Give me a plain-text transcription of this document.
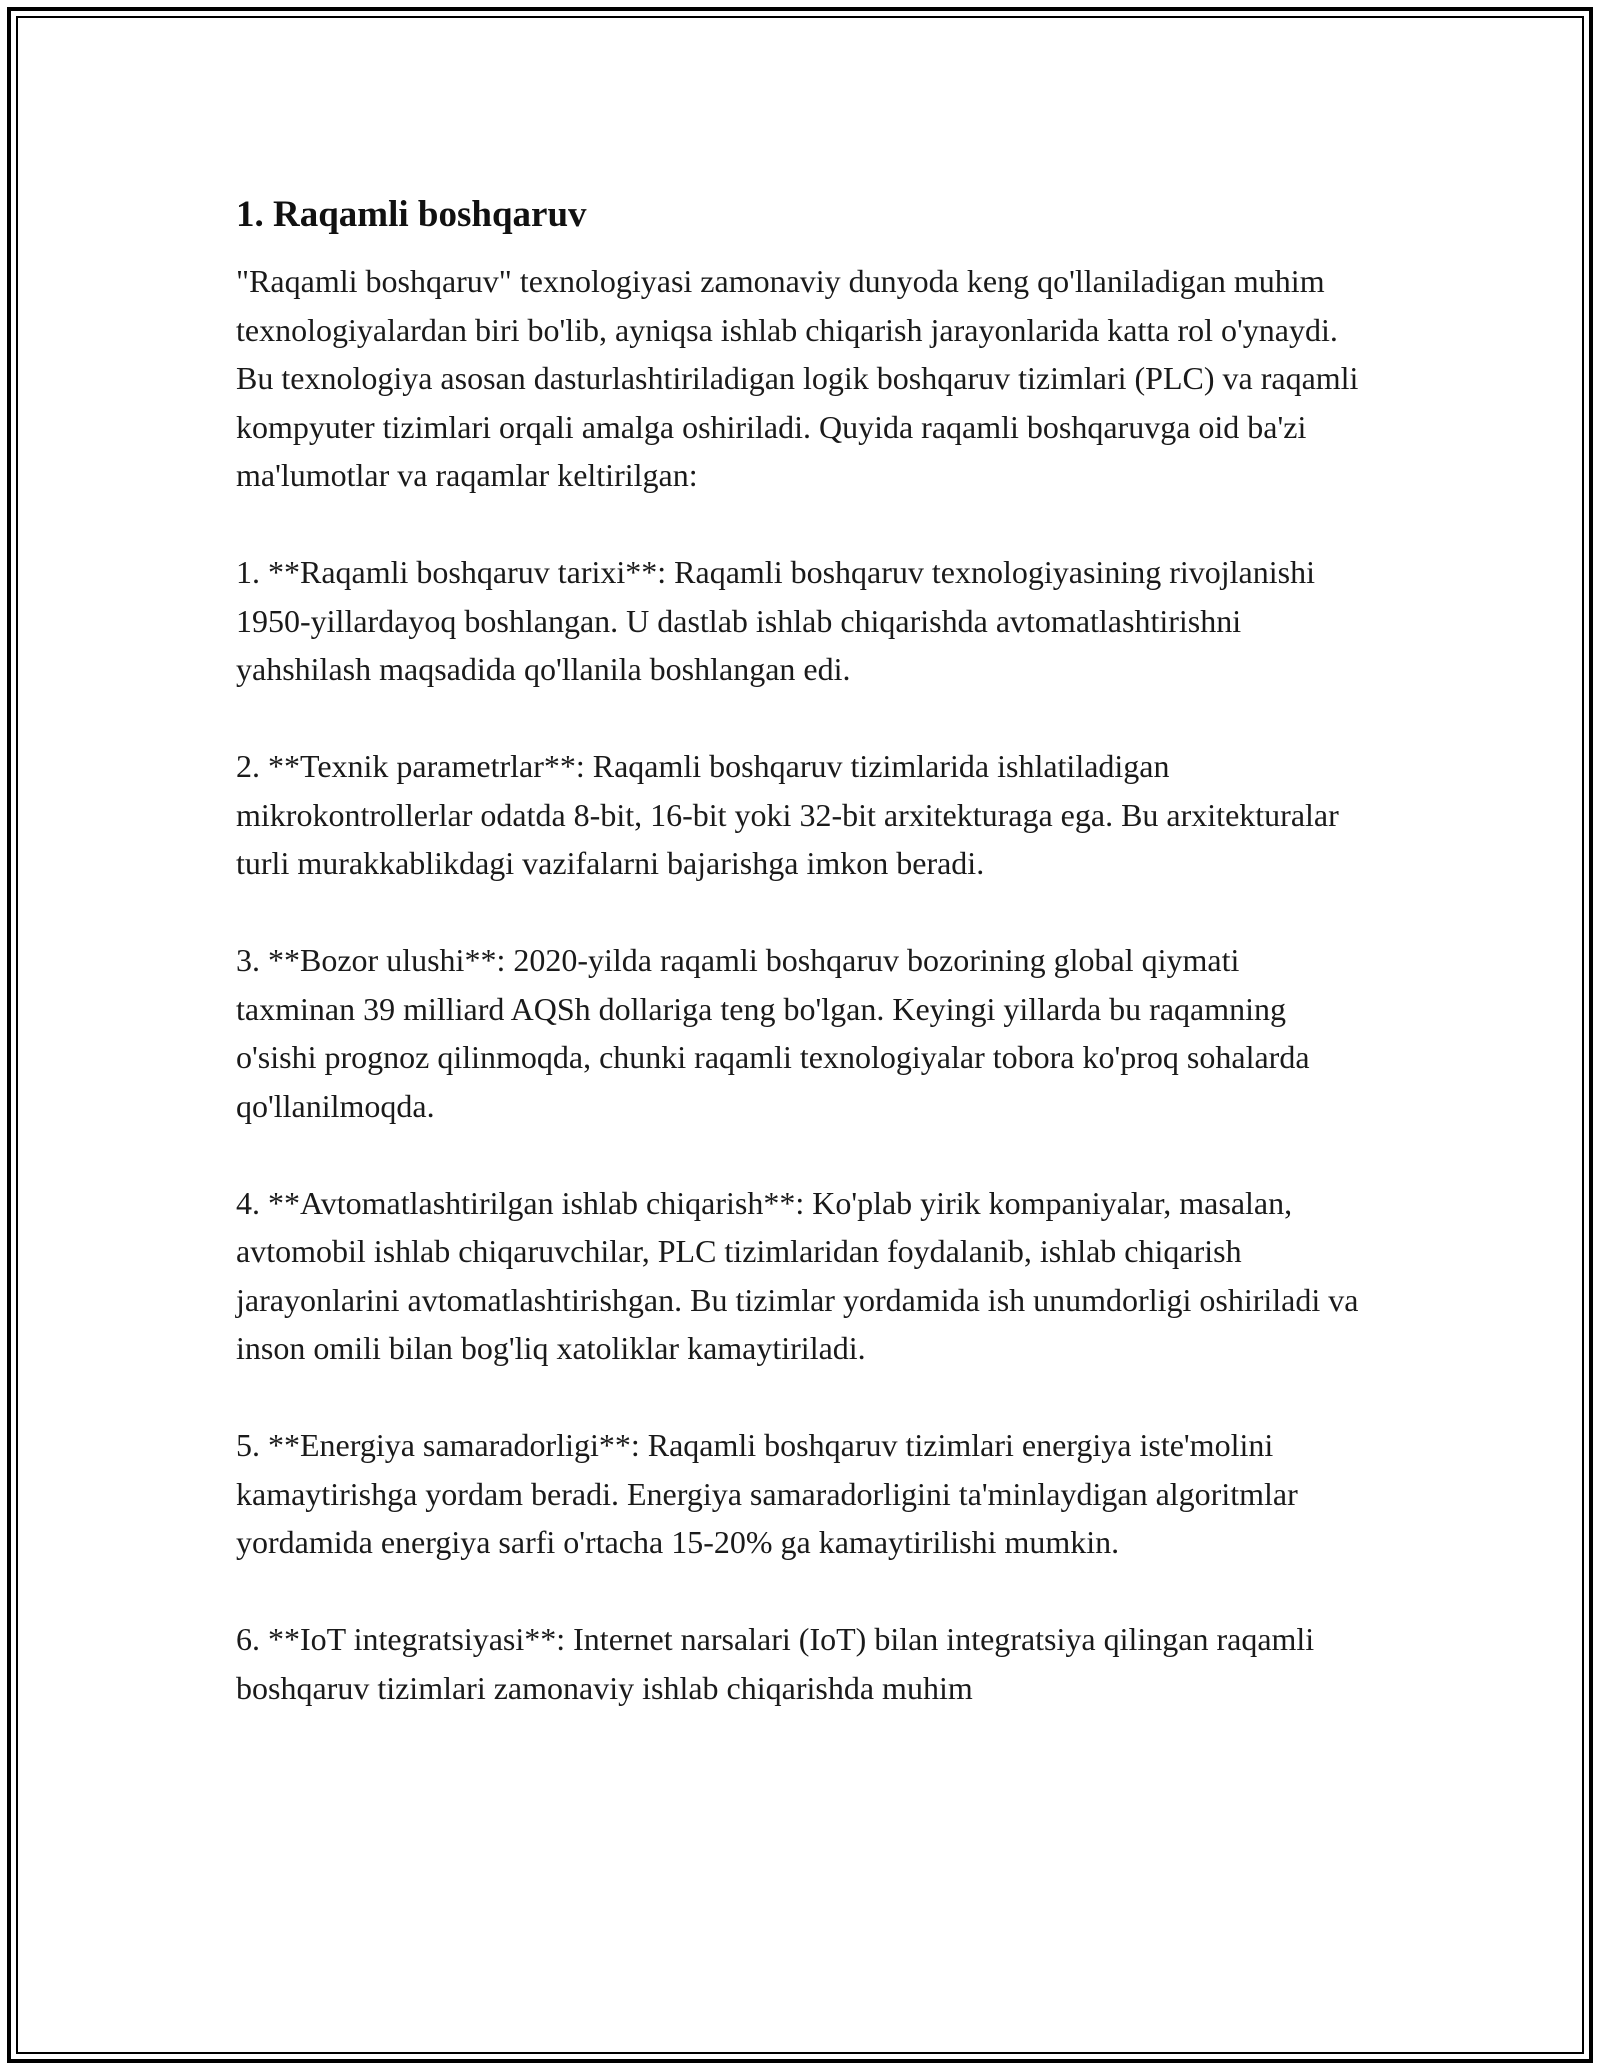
1. Raqamli boshqaruv

"Raqamli boshqaruv" texnologiyasi zamonaviy dunyoda keng qo'llaniladigan muhim texnologiyalardan biri bo'lib, ayniqsa ishlab chiqarish jarayonlarida katta rol o'ynaydi. Bu texnologiya asosan dasturlashtiriladigan logik boshqaruv tizimlari (PLC) va raqamli kompyuter tizimlari orqali amalga oshiriladi. Quyida raqamli boshqaruvga oid ba'zi ma'lumotlar va raqamlar keltirilgan:

1. **Raqamli boshqaruv tarixi**: Raqamli boshqaruv texnologiyasining rivojlanishi 1950-yillardayoq boshlangan. U dastlab ishlab chiqarishda avtomatlashtirishni yahshilash maqsadida qo'llanila boshlangan edi.

2. **Texnik parametrlar**: Raqamli boshqaruv tizimlarida ishlatiladigan mikrokontrollerlar odatda 8-bit, 16-bit yoki 32-bit arxitekturaga ega. Bu arxitekturalar turli murakkablikdagi vazifalarni bajarishga imkon beradi.

3. **Bozor ulushi**: 2020-yilda raqamli boshqaruv bozorining global qiymati taxminan 39 milliard AQSh dollariga teng bo'lgan. Keyingi yillarda bu raqamning o'sishi prognoz qilinmoqda, chunki raqamli texnologiyalar tobora ko'proq sohalarda qo'llanilmoqda.

4. **Avtomatlashtirilgan ishlab chiqarish**: Ko'plab yirik kompaniyalar, masalan, avtomobil ishlab chiqaruvchilar, PLC tizimlaridan foydalanib, ishlab chiqarish jarayonlarini avtomatlashtirishgan. Bu tizimlar yordamida ish unumdorligi oshiriladi va inson omili bilan bog'liq xatoliklar kamaytiriladi.

5. **Energiya samaradorligi**: Raqamli boshqaruv tizimlari energiya iste'molini kamaytirishga yordam beradi. Energiya samaradorligini ta'minlaydigan algoritmlar yordamida energiya sarfi o'rtacha 15-20% ga kamaytirilishi mumkin.

6. **IoT integratsiyasi**: Internet narsalari (IoT) bilan integratsiya qilingan raqamli boshqaruv tizimlari zamonaviy ishlab chiqarishda muhim
